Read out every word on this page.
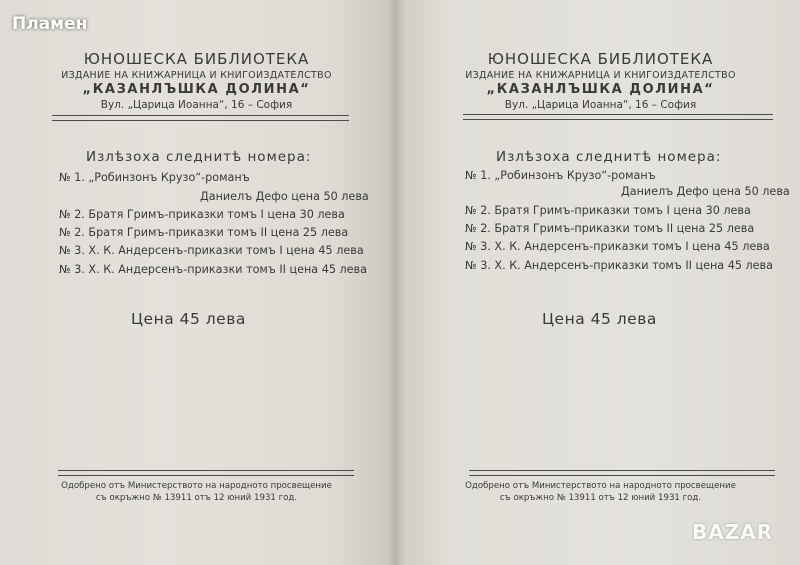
ЮНОШЕСКА БИБЛИОТЕКА
ИЗДАНИЕ НА КНИЖАРНИЦА И КНИГОИЗДАТЕЛСТВО
„КАЗАНЛЪШКА ДОЛИНА“
Вул. „Царица Иоанна“, 16 – София
Излѣзоха следнитѣ номера:
№ 1. „Робинзонъ Крузо“-романъ
Даниелъ Дефо цена 50 лева
№ 2. Братя Гримъ-приказки томъ I цена 30 лева
№ 2. Братя Гримъ-приказки томъ II цена 25 лева
№ 3. Х. К. Андерсенъ-приказки томъ I цена 45 лева
№ 3. Х. К. Андерсенъ-приказки томъ II цена 45 лева
Цена 45 лева
Одобрено отъ Министерството на народното просвещение
съ окръжнo № 13911 отъ 12 юний 1931 год.
ЮНОШЕСКА БИБЛИОТЕКА
ИЗДАНИЕ НА КНИЖАРНИЦА И КНИГОИЗДАТЕЛСТВО
„КАЗАНЛЪШКА ДОЛИНА“
Вул. „Царица Иоанна“, 16 – София
Излѣзоха следнитѣ номера:
№ 1. „Робинзонъ Крузо“-романъ
Даниелъ Дефо цена 50 лева
№ 2. Братя Гримъ-приказки томъ I цена 30 лева
№ 2. Братя Гримъ-приказки томъ II цена 25 лева
№ 3. Х. К. Андерсенъ-приказки томъ I цена 45 лева
№ 3. Х. К. Андерсенъ-приказки томъ II цена 45 лева
Цена 45 лева
Одобрено отъ Министерството на народното просвещение
съ окръжнo № 13911 отъ 12 юний 1931 год.
Пламен
BAZAR
